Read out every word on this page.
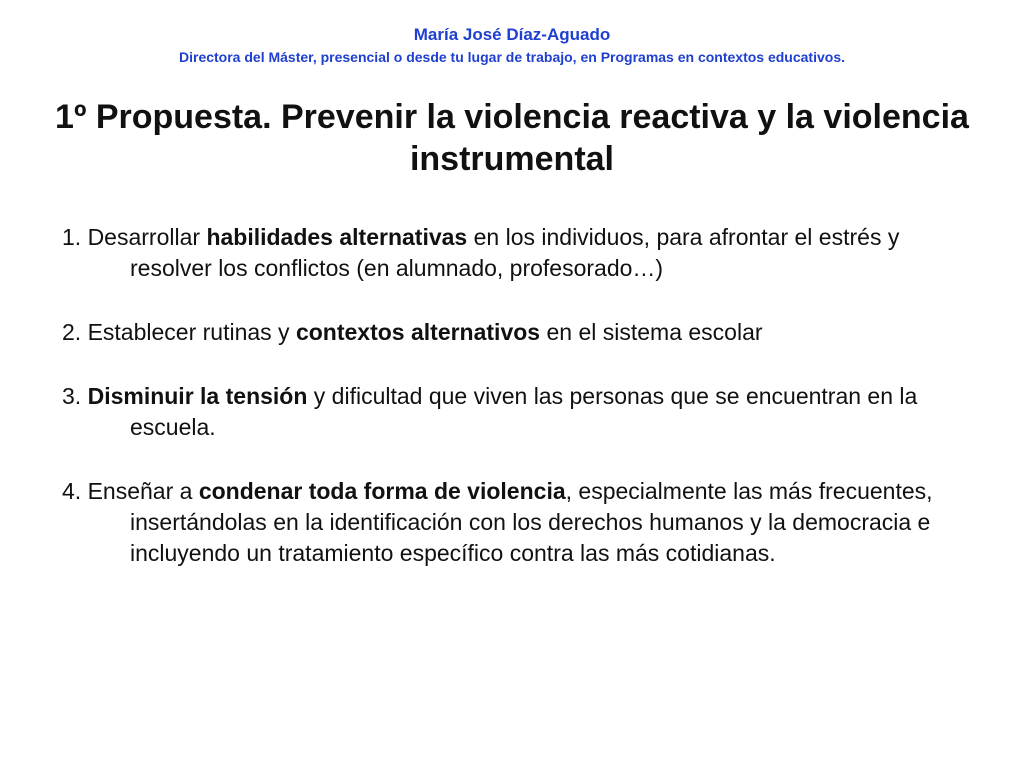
María José Díaz-Aguado
Directora del Máster, presencial o desde tu lugar de trabajo, en Programas en contextos educativos.
1º Propuesta. Prevenir la violencia reactiva y la violencia instrumental
1. Desarrollar habilidades alternativas en los individuos, para afrontar el estrés y resolver los conflictos (en alumnado, profesorado…)
2. Establecer rutinas y contextos alternativos en el sistema escolar
3. Disminuir la tensión y dificultad que viven las personas que se encuentran en la escuela.
4. Enseñar a condenar toda forma de violencia, especialmente las más frecuentes, insertándolas en la identificación con los derechos humanos y la democracia e incluyendo un tratamiento específico contra las más cotidianas.
